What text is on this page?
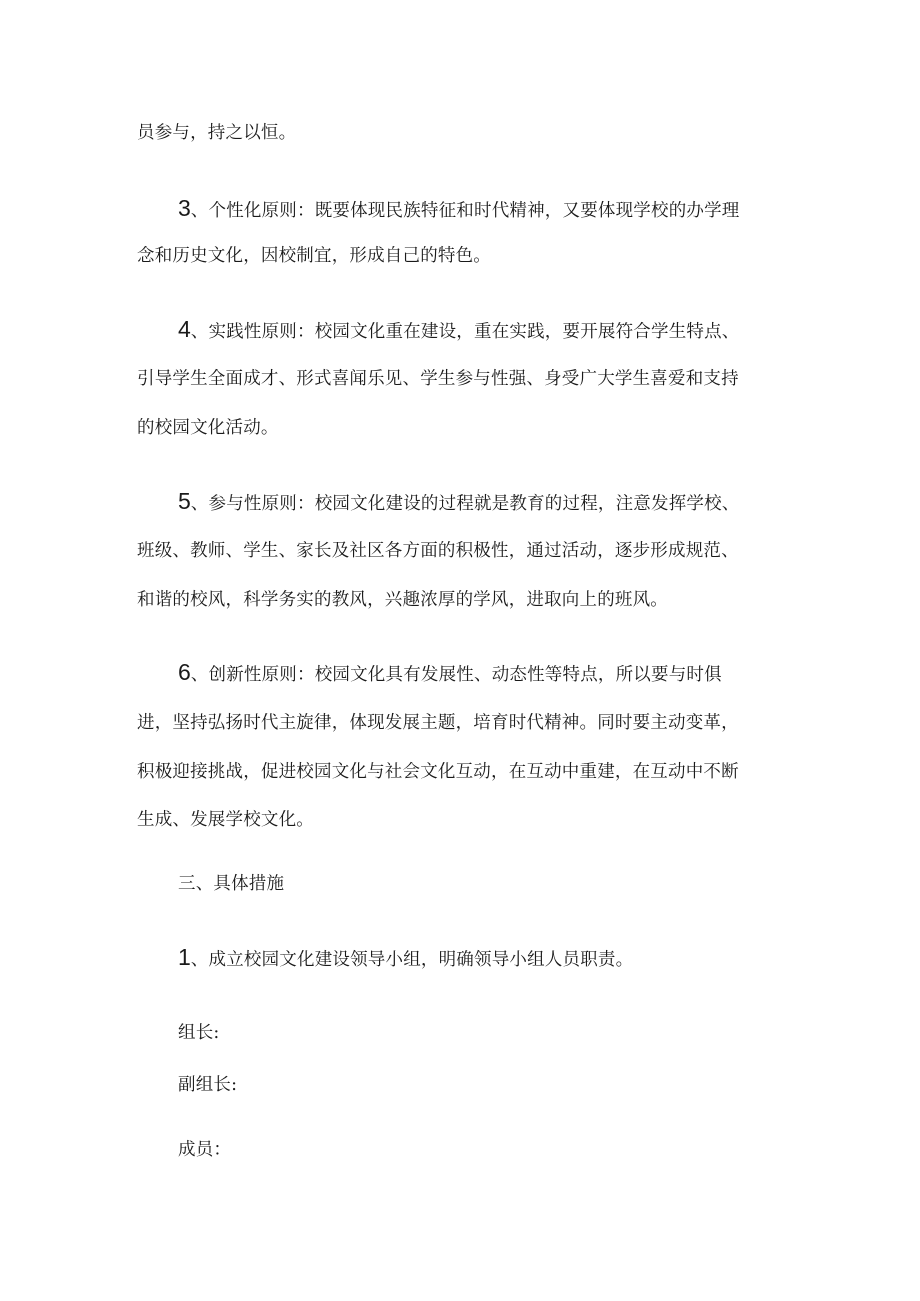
员参与，持之以恒。
3、个性化原则：既要体现民族特征和时代精神，又要体现学校的办学理
念和历史文化，因校制宜，形成自己的特色。
4、实践性原则：校园文化重在建设，重在实践，要开展符合学生特点、
引导学生全面成才、形式喜闻乐见、学生参与性强、身受广大学生喜爱和支持
的校园文化活动。
5、参与性原则：校园文化建设的过程就是教育的过程，注意发挥学校、
班级、教师、学生、家长及社区各方面的积极性，通过活动，逐步形成规范、
和谐的校风，科学务实的教风，兴趣浓厚的学风，进取向上的班风。
6、创新性原则：校园文化具有发展性、动态性等特点，所以要与时俱
进，坚持弘扬时代主旋律，体现发展主题，培育时代精神。同时要主动变革，
积极迎接挑战，促进校园文化与社会文化互动，在互动中重建，在互动中不断
生成、发展学校文化。
三、具体措施
1、成立校园文化建设领导小组，明确领导小组人员职责。
组长:
副组长:
成员：
